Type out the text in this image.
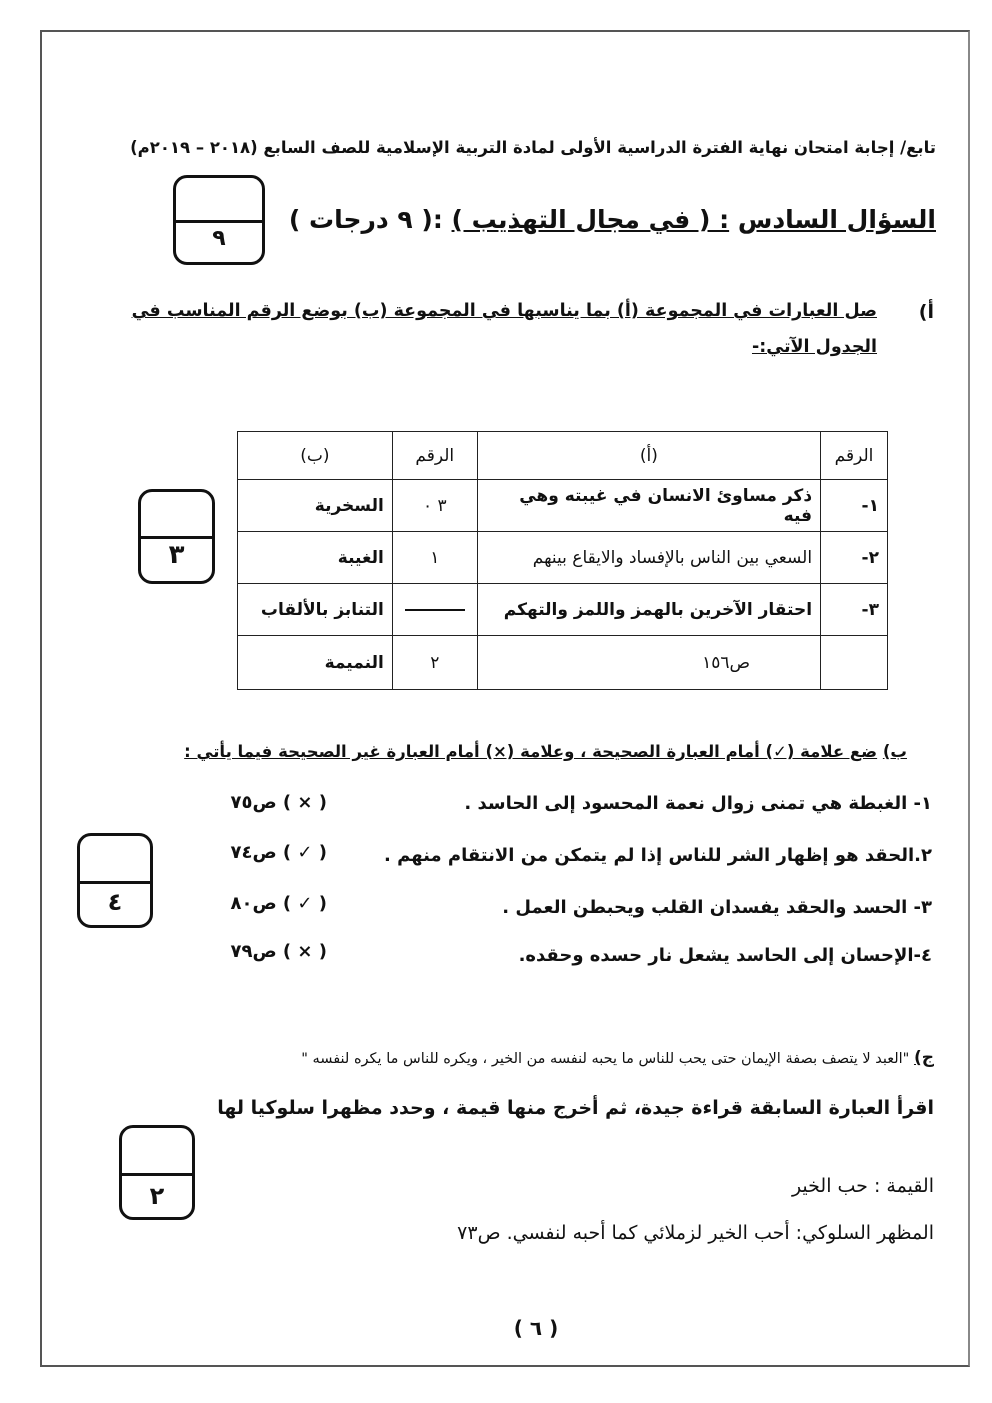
تابع/ إجابة امتحان نهاية الفترة الدراسية الأولى لمادة التربية الإسلامية للصف السابع (٢٠١٨ – ٢٠١٩م)
السؤال السادس : ( في مجال التهذيب ) :( ٩ درجات )
٩
أ)
صل العبارات في المجموعة (أ) بما يناسبها في المجموعة (ب) بوضع الرقم المناسب في
الجدول الآتي:-
٣
الرقم	(أ)	الرقم	(ب)
١-	ذكر مساوئ الانسان في غيبته وهي فيه	٣ ٠	السخرية
٢-	السعي بين الناس بالإفساد والايقاع بينهم	١	الغيبة
٣-	احتقار الآخرين بالهمز واللمز والتهكم		التنابز بالألقاب
	ص١٥٦	٢	النميمة
ب) ضع علامة (✓) أمام العبارة الصحيحة ، وعلامة (×) أمام العبارة غير الصحيحة فيما يأتي :
٤
١- الغبطة هي تمنى زوال نعمة المحسود إلى الحاسد .
( × ) ص٧٥
٢.الحقد هو إظهار الشر للناس إذا لم يتمكن من الانتقام منهم .
( ✓ ) ص٧٤
٣- الحسد والحقد يفسدان القلب ويحبطن العمل .
( ✓ ) ص٨٠
٤-الإحسان إلى الحاسد يشعل نار حسده وحقده.
( × ) ص٧٩
ج) "العبد لا يتصف بصفة الإيمان حتى يحب للناس ما يحبه لنفسه من الخير ، ويكره للناس ما يكره لنفسه "
اقرأ العبارة السابقة قراءة جيدة، ثم أخرج منها قيمة ، وحدد مظهرا سلوكيا لها
٢	القيمة : حب الخير
المظهر السلوكي: أحب الخير لزملائي كما أحبه لنفسي. ص٧٣
( ٦ )
